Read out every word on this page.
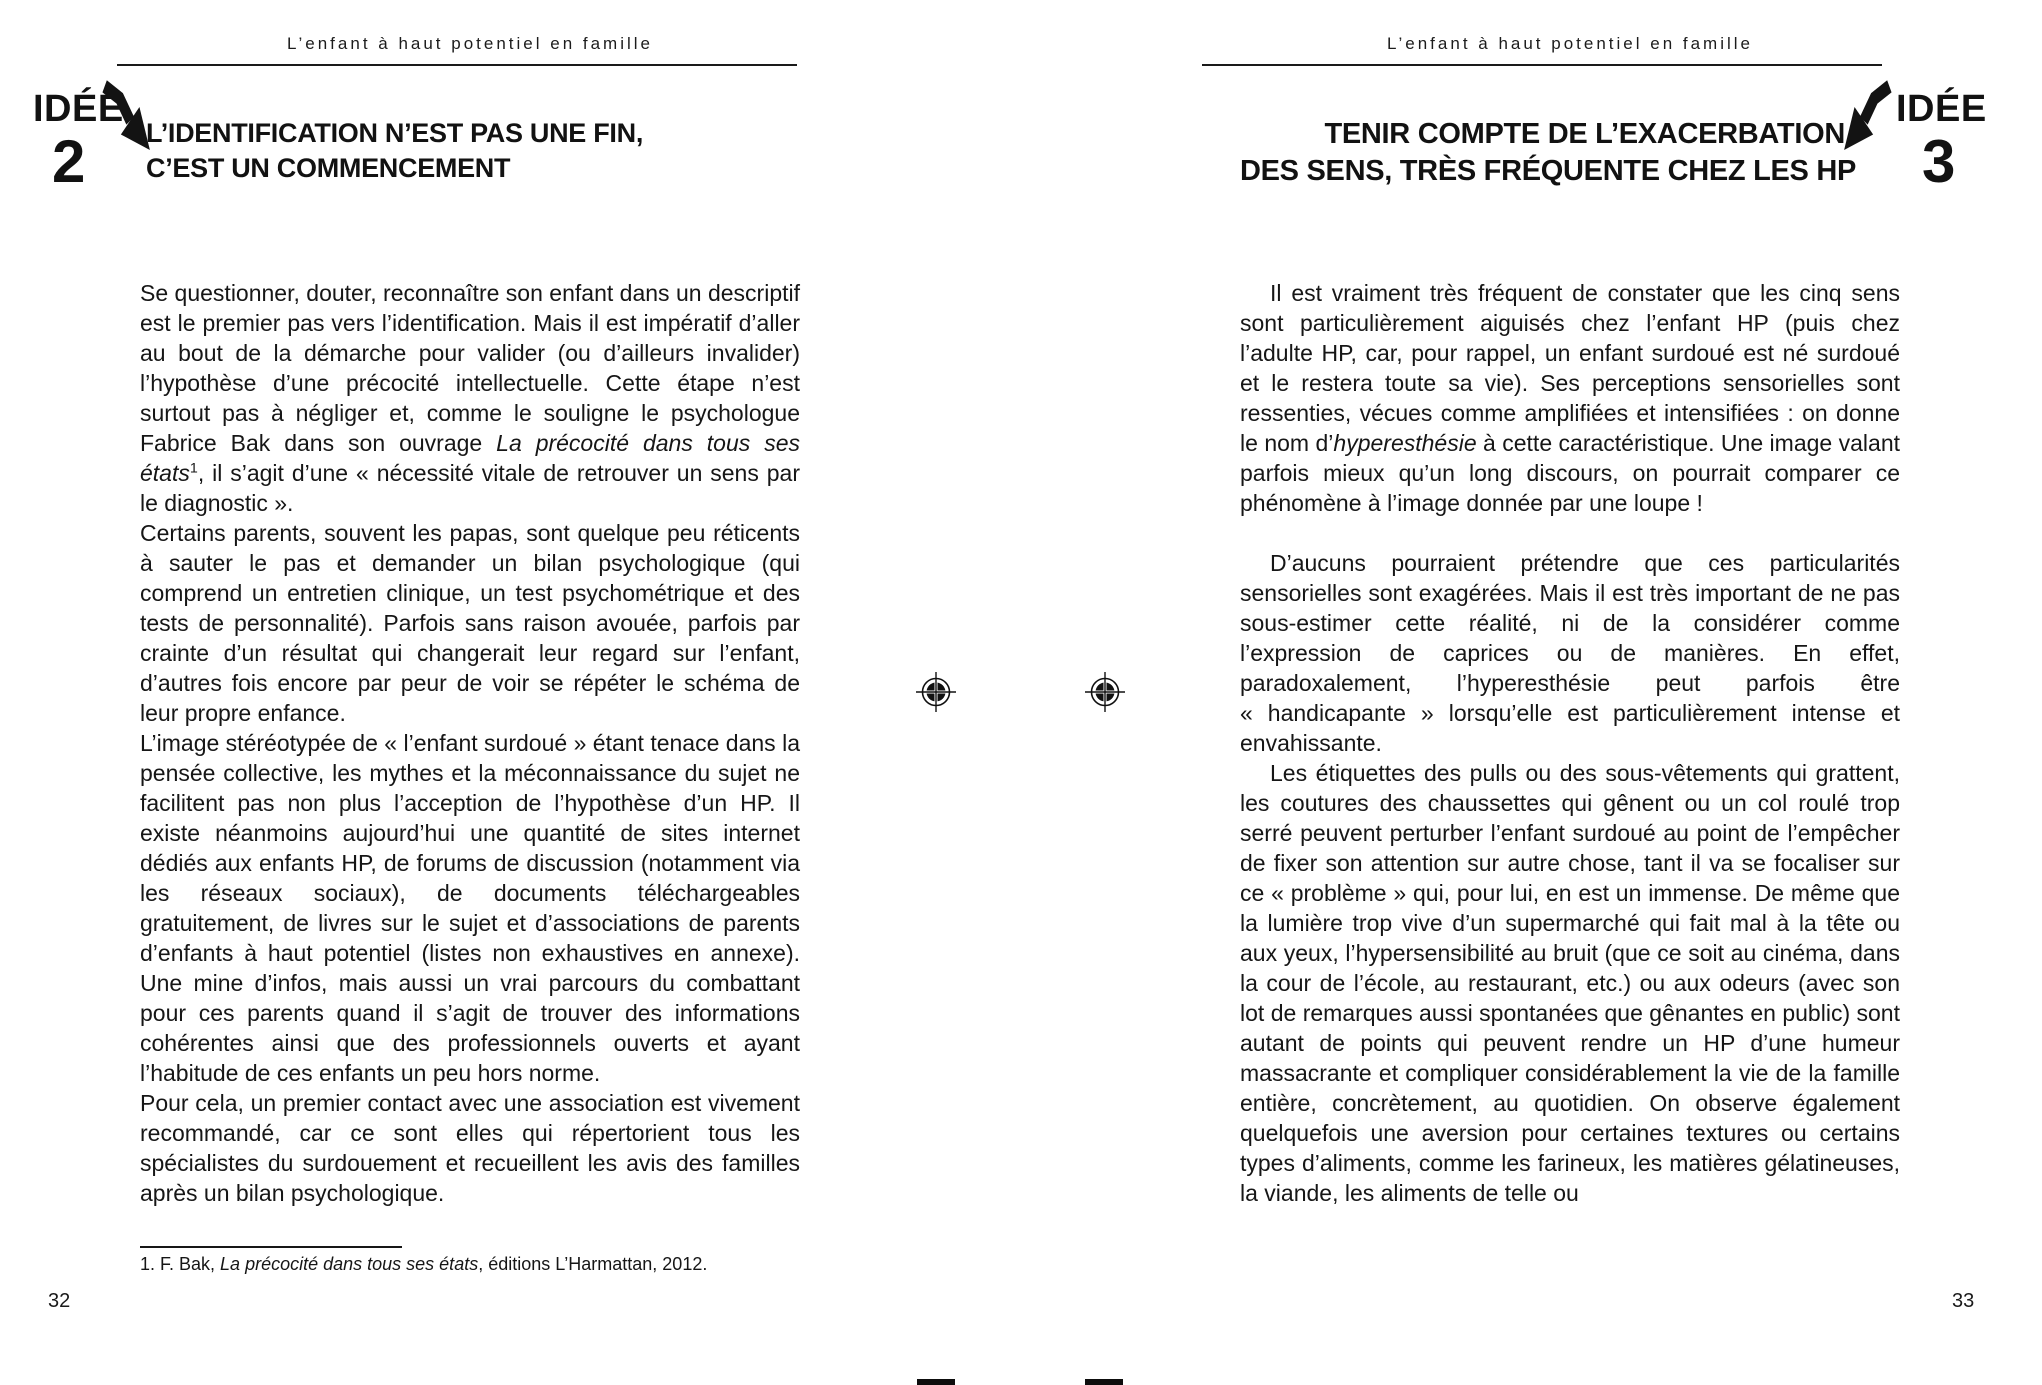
L’enfant à haut potentiel en famille
IDÉE
2 L’IDENTIFICATION N’EST PAS UNE FIN,
C’EST UN COMMENCEMENT

Se questionner, douter, reconnaître son enfant dans un descriptif est le premier pas vers l’identification. Mais il est impératif d’aller au bout de la démarche pour valider (ou d’ailleurs invalider) l’hypothèse d’une précocité intellectuelle. Cette étape n’est surtout pas à négliger et, comme le souligne le psychologue Fabrice Bak dans son ouvrage La précocité dans tous ses états$^1$, il s’agit d’une « nécessité vitale de retrouver un sens par le diagnostic ».

Certains parents, souvent les papas, sont quelque peu réticents à sauter le pas et demander un bilan psychologique (qui comprend un entretien clinique, un test psychométrique et des tests de personnalité). Parfois sans raison avouée, parfois par crainte d’un résultat qui changerait leur regard sur l’enfant, d’autres fois encore par peur de voir se répéter le schéma de leur propre enfance.

L’image stéréotypée de « l’enfant surdoué » étant tenace dans la pensée collective, les mythes et la méconnaissance du sujet ne facilitent pas non plus l’acception de l’hypothèse d’un HP. Il existe néanmoins aujourd’hui une quantité de sites internet dédiés aux enfants HP, de forums de discussion (notamment via les réseaux sociaux), de documents téléchargeables gratuitement, de livres sur le sujet et d’associations de parents d’enfants à haut potentiel (listes non exhaustives en annexe). Une mine d’infos, mais aussi un vrai parcours du combattant pour ces parents quand il s’agit de trouver des informations cohérentes ainsi que des professionnels ouverts et ayant l’habitude de ces enfants un peu hors norme.

Pour cela, un premier contact avec une association est vivement recommandé, car ce sont elles qui répertorient tous les spécialistes du surdouement et recueillent les avis des familles après un bilan psychologique.

1. F. Bak, La précocité dans tous ses états, éditions L’Harmattan, 2012.
32
L’enfant à haut potentiel en famille
IDÉE
3
TENIR COMPTE DE L’EXACERBATION
DES SENS, TRÈS FRÉQUENTE CHEZ LES HP

Il est vraiment très fréquent de constater que les cinq sens sont particulièrement aiguisés chez l’enfant HP (puis chez l’adulte HP, car, pour rappel, un enfant surdoué est né surdoué et le restera toute sa vie). Ses perceptions sensorielles sont ressenties, vécues comme amplifiées et intensifiées : on donne le nom d’hyperesthésie à cette caractéristique. Une image valant parfois mieux qu’un long discours, on pourrait comparer ce phénomène à l’image donnée par une loupe !

D’aucuns pourraient prétendre que ces particularités sensorielles sont exagérées. Mais il est très important de ne pas sous-estimer cette réalité, ni de la considérer comme l’expression de caprices ou de manières. En effet, paradoxalement, l’hyperesthésie peut parfois être « handicapante » lorsqu’elle est particulièrement intense et envahissante.

Les étiquettes des pulls ou des sous-vêtements qui grattent, les coutures des chaussettes qui gênent ou un col roulé trop serré peuvent perturber l’enfant surdoué au point de l’empêcher de fixer son attention sur autre chose, tant il va se focaliser sur ce « problème » qui, pour lui, en est un immense. De même que la lumière trop vive d’un supermarché qui fait mal à la tête ou aux yeux, l’hypersensibilité au bruit (que ce soit au cinéma, dans la cour de l’école, au restaurant, etc.) ou aux odeurs (avec son lot de remarques aussi spontanées que gênantes en public) sont autant de points qui peuvent rendre un HP d’une humeur massacrante et compliquer considérablement la vie de la famille entière, concrètement, au quotidien. On observe également quelquefois une aversion pour certaines textures ou certains types d’aliments, comme les farineux, les matières gélatineuses, la viande, les aliments de telle ou

33
